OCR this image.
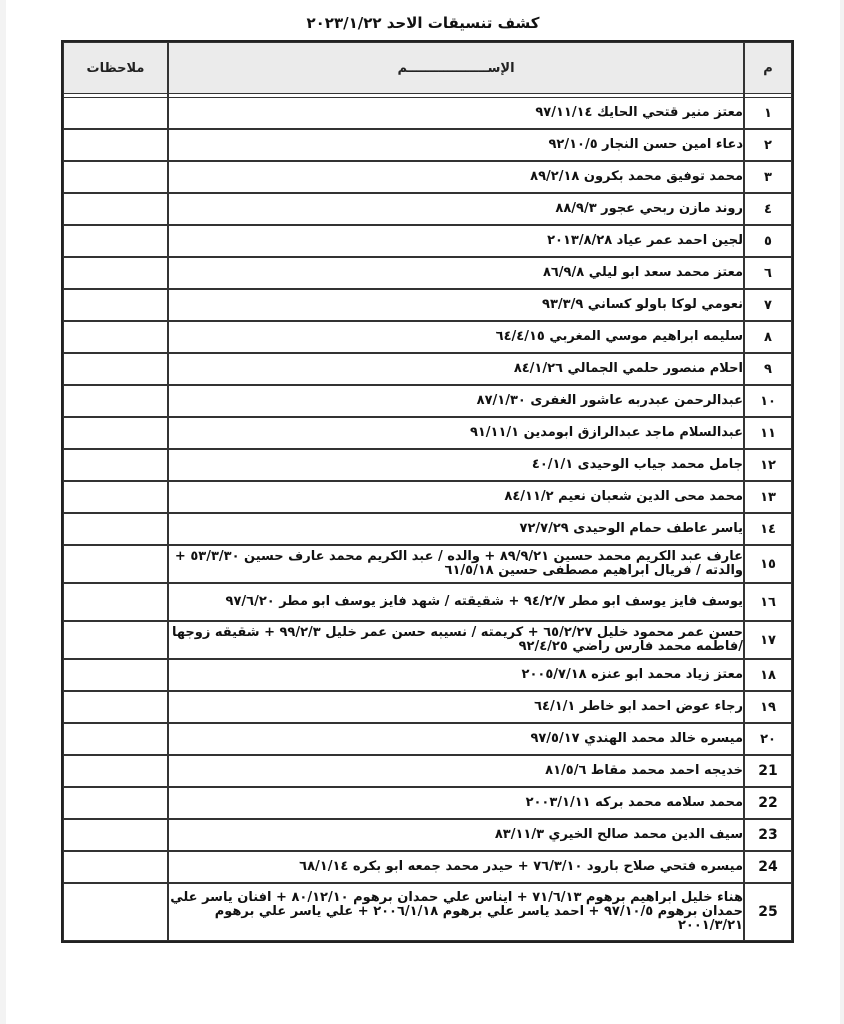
كشف تنسيقات الاحد ٢٠٢٣/١/٢٢
م	الإســــــــــــــــــم	ملاحظات

١	معتز منير قتحي الحايك ٩٧/١١/١٤	
٢	دعاء امين حسن النجار ٩٢/١٠/٥	
٣	محمد توفيق محمد بكرون ٨٩/٢/١٨	
٤	روند مازن ربحي عجور ٨٨/٩/٣	
٥	لجين احمد عمر عياد ٢٠١٣/٨/٢٨	
٦	معتز محمد سعد ابو ليلي ٨٦/٩/٨	
٧	نعومي لوكا باولو كساني ٩٣/٣/٩	
٨	سليمه ابراهيم موسي المغربي ٦٤/٤/١٥	
٩	احلام منصور حلمي الجمالي ٨٤/١/٢٦	
١٠	عبدالرحمن عبدربه عاشور الغفرى ٨٧/١/٣٠	
١١	عبدالسلام ماجد عبدالرازق ابومدين ٩١/١١/١	
١٢	جامل محمد جياب الوحيدى ٤٠/١/١	
١٣	محمد محى الدين شعبان نعيم ٨٤/١١/٢	
١٤	ياسر عاطف حمام الوحيدى ٧٢/٧/٢٩	
١٥	عارف عبد الكريم محمد حسين ٨٩/٩/٢١ + والده / عبد الكريم محمد عارف حسين ٥٣/٣/٣٠ + والدته / فريال ابراهيم مصطفى حسين ٦١/٥/١٨	
١٦	يوسف فايز يوسف ابو مطر ٩٤/٢/٧ + شقيقته / شهد فايز يوسف ابو مطر ٩٧/٦/٢٠	
١٧	حسن عمر محمود خليل ٦٥/٢/٢٧ + كريمته / نسيبه حسن عمر خليل ٩٩/٢/٣ + شقيقه زوجها /فاطمه محمد فارس راضي ٩٢/٤/٢٥	
١٨	معتز زياد محمد ابو عنزه ٢٠٠٥/٧/١٨	
١٩	رجاء عوض احمد ابو خاطر ٦٤/١/١	
٢٠	ميسره خالد محمد الهندي ٩٧/٥/١٧	
21	خديجه احمد محمد مقاط ٨١/٥/٦	
22	محمد سلامه محمد بركه ٢٠٠٣/١/١١	
23	سيف الدين محمد صالح الخيري ٨٣/١١/٣	
24	ميسره فتحي صلاح بارود ٧٦/٣/١٠ + حيدر محمد جمعه ابو بكره ٦٨/١/١٤	
25	هناء خليل ابراهيم برهوم ٧١/٦/١٣ + ايناس علي حمدان برهوم ٨٠/١٢/١٠ + افنان ياسر علي حمدان برهوم ٩٧/١٠/٥ + احمد ياسر علي برهوم ٢٠٠٦/١/١٨ + علي ياسر علي برهوم ٢٠٠١/٣/٢١	
